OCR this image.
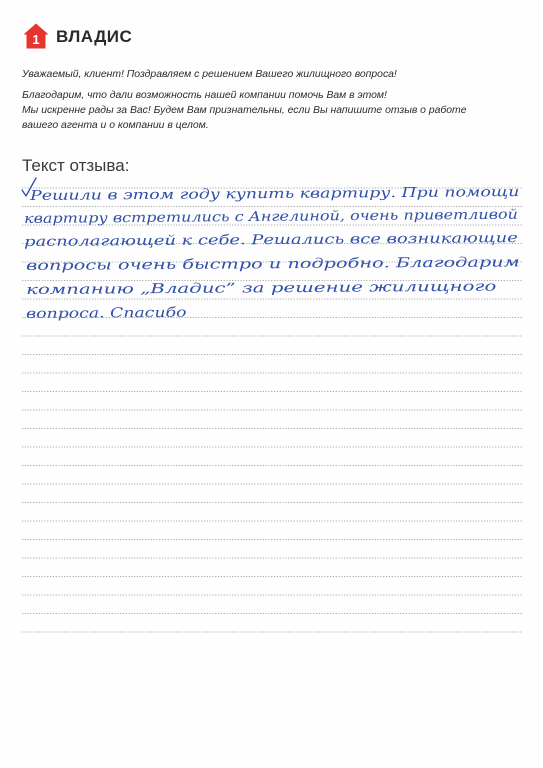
1 ВЛАДИС

Уважаемый, клиент! Поздравляем с решением Вашего жилищного вопроса!

Благодарим, что дали возможность нашей компании помочь Вам в этом!
Мы искренне рады за Вас! Будем Вам признательны, если Вы напишите отзыв о работе
вашего агента и о компании в целом.
Текст отзыва:
Решили в этом году купить квартиру. При помощи
квартиру встретились с Ангелиной, очень приветливой
располагающей к себе. Решались все возникающие
вопросы очень быстро и подробно. Благодарим
компанию „Владис” за решение жилищного
вопроса. Спасибо
